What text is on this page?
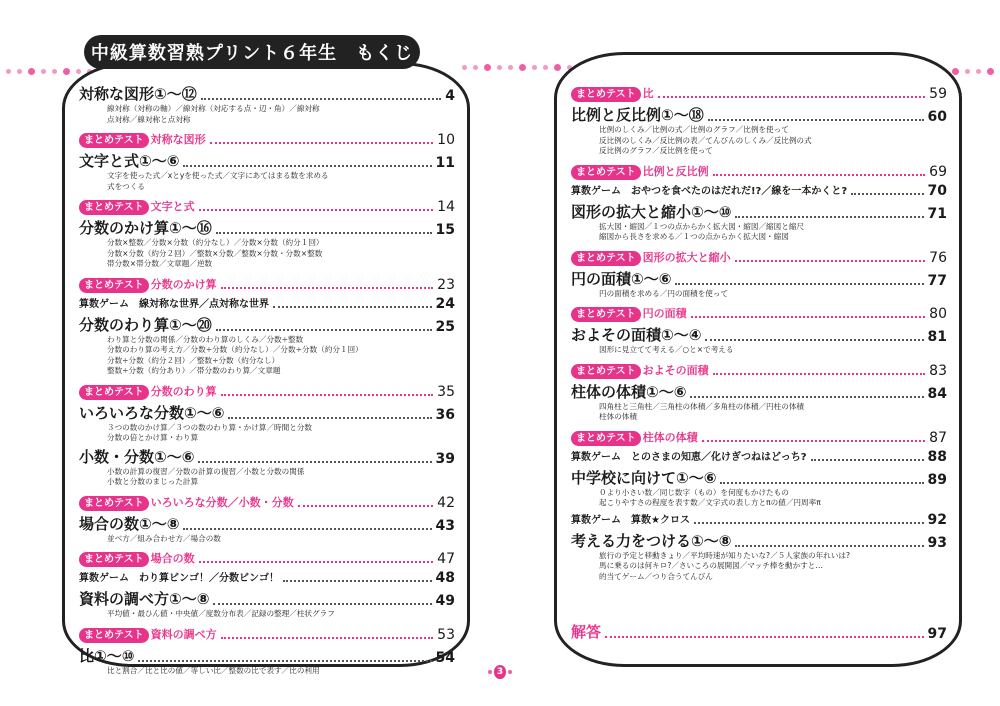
対称な図形①～⑫	4
線対称（対称の軸）／線対称（対応する点・辺・角）／線対称
点対称／線対称と点対称
まとめテスト 対称な図形	10
文字と式①～⑥	11
文字を使った式／xとyを使った式／文字にあてはまる数を求める
式をつくる
まとめテスト 文字と式	14
分数のかけ算①～⑯	15
分数×整数／分数×分数（約分なし）／分数×分数（約分１回）
分数×分数（約分２回）／整数×分数／整数×分数・分数×整数
帯分数×帯分数／文章題／逆数
まとめテスト 分数のかけ算	23
算数ゲーム　線対称な世界／点対称な世界	24
分数のわり算①～⑳	25
わり算と分数の関係／分数のわり算のしくみ／分数÷整数
分数のわり算の考え方／分数÷分数（約分なし）／分数÷分数（約分１回）
分数÷分数（約分２回）／整数÷分数（約分なし）
整数÷分数（約分あり）／帯分数のわり算／文章題
まとめテスト 分数のわり算	35
いろいろな分数①～⑥	36
３つの数のかけ算／３つの数のわり算・かけ算／時間と分数
分数の倍とかけ算・わり算
小数・分数①～⑥	39
小数の計算の復習／分数の計算の復習／小数と分数の関係
小数と分数のまじった計算
まとめテスト いろいろな分数／小数・分数	42
場合の数①～⑧	43
並べ方／組み合わせ方／場合の数
まとめテスト 場合の数	47
算数ゲーム　わり算ビンゴ！／分数ビンゴ！	48
資料の調べ方①～⑧	49
平均値・最ひん値・中央値／度数分布表／記録の整理／柱状グラフ
まとめテスト 資料の調べ方	53
比①～⑩	54
比と割合／比と比の値／等しい比／整数の比で表す／比の利用
まとめテスト 比	59
比例と反比例①～⑱	60
比例のしくみ／比例の式／比例のグラフ／比例を使って
反比例のしくみ／反比例の表／てんびんのしくみ／反比例の式
反比例のグラフ／反比例を使って
まとめテスト 比例と反比例	69
算数ゲーム　おやつを食べたのはだれだ!?／線を一本かくと?	70
図形の拡大と縮小①～⑩	71
拡大図・縮図／１つの点からかく拡大図・縮図／縮図と縮尺
縮図から長さを求める／１つの点からかく拡大図・縮図
まとめテスト 図形の拡大と縮小	76
円の面積①～⑥	77
円の面積を求める／円の面積を使って
まとめテスト 円の面積	80
およその面積①～④	81
図形に見立てて考える／○と×で考える
まとめテスト およその面積	83
柱体の体積①～⑥	84
四角柱と三角柱／三角柱の体積／多角柱の体積／円柱の体積
柱体の体積
まとめテスト 柱体の体積	87
算数ゲーム　とのさまの知恵／化けぎつねはどっち?	88
中学校に向けて①～⑥	89
０より小さい数／同じ数字（もの）を何度もかけたもの
起こりやすさの程度を表す数／文字式の表し方とπの値／円周率π
算数ゲーム　算数★クロス	92
考える力をつける①～⑧	93
旅行の予定と移動きょり／平均時速が知りたいな?／５人家族の年れいは?
馬に乗るのは何キロ?／さいころの展開図／マッチ棒を動かすと…
的当てゲーム／つり合うてんびん
解答	97
中級算数習熟プリント６年生　もくじ
3
